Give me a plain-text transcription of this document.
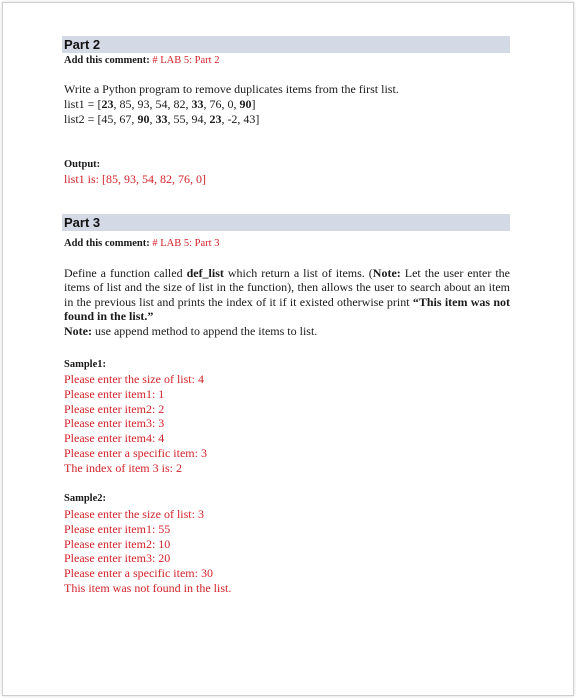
Part 2
Add this comment: # LAB 5: Part 2
Write a Python program to remove duplicates items from the first list.
list1 = [23, 85, 93, 54, 82, 33, 76, 0, 90]
list2 = [45, 67, 90, 33, 55, 94, 23, -2, 43]
Output:
list1 is: [85, 93, 54, 82, 76, 0]
Part 3
Add this comment: # LAB 5: Part 3
Define a function called def_list which return a list of items. (Note: Let the user enter the items of list and the size of list in the function), then allows the user to search about an item in the previous list and prints the index of it if it existed otherwise print “This item was not found in the list.”
Note: use append method to append the items to list.
Sample1:
Please enter the size of list: 4
Please enter item1: 1
Please enter item2: 2
Please enter item3: 3
Please enter item4: 4
Please enter a specific item: 3
The index of item 3 is: 2
Sample2:
Please enter the size of list: 3
Please enter item1: 55
Please enter item2: 10
Please enter item3: 20
Please enter a specific item: 30
This item was not found in the list.
